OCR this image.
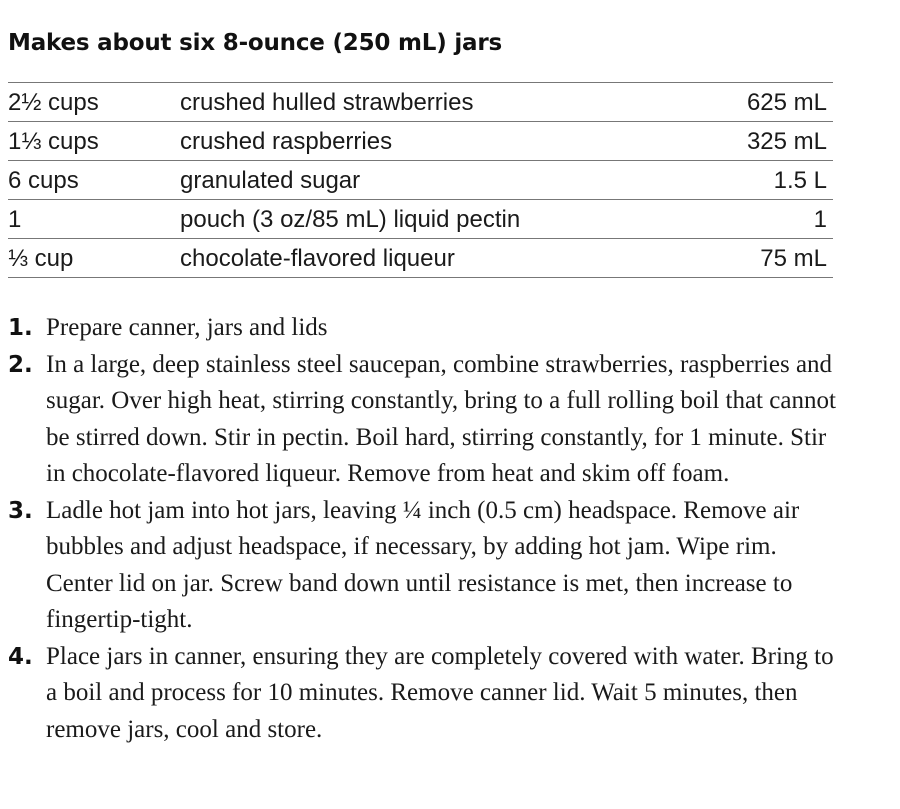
Makes about six 8-ounce (250 mL) jars
2½ cups	crushed hulled strawberries	625 mL
1⅓ cups	crushed raspberries	325 mL
6 cups	granulated sugar	1.5 L
1	pouch (3 oz/85 mL) liquid pectin	1
⅓ cup	chocolate-flavored liqueur	75 mL
1. Prepare canner, jars and lids
2. In a large, deep stainless steel saucepan, combine strawberries, raspberries and sugar. Over high heat, stirring constantly, bring to a full rolling boil that cannot be stirred down. Stir in pectin. Boil hard, stirring constantly, for 1 minute. Stir in chocolate-flavored liqueur. Remove from heat and skim off foam.
3. Ladle hot jam into hot jars, leaving ¼ inch (0.5 cm) headspace. Remove air bubbles and adjust headspace, if necessary, by adding hot jam. Wipe rim. Center lid on jar. Screw band down until resistance is met, then increase to fingertip-tight.
4. Place jars in canner, ensuring they are completely covered with water. Bring to a boil and process for 10 minutes. Remove canner lid. Wait 5 minutes, then remove jars, cool and store.
